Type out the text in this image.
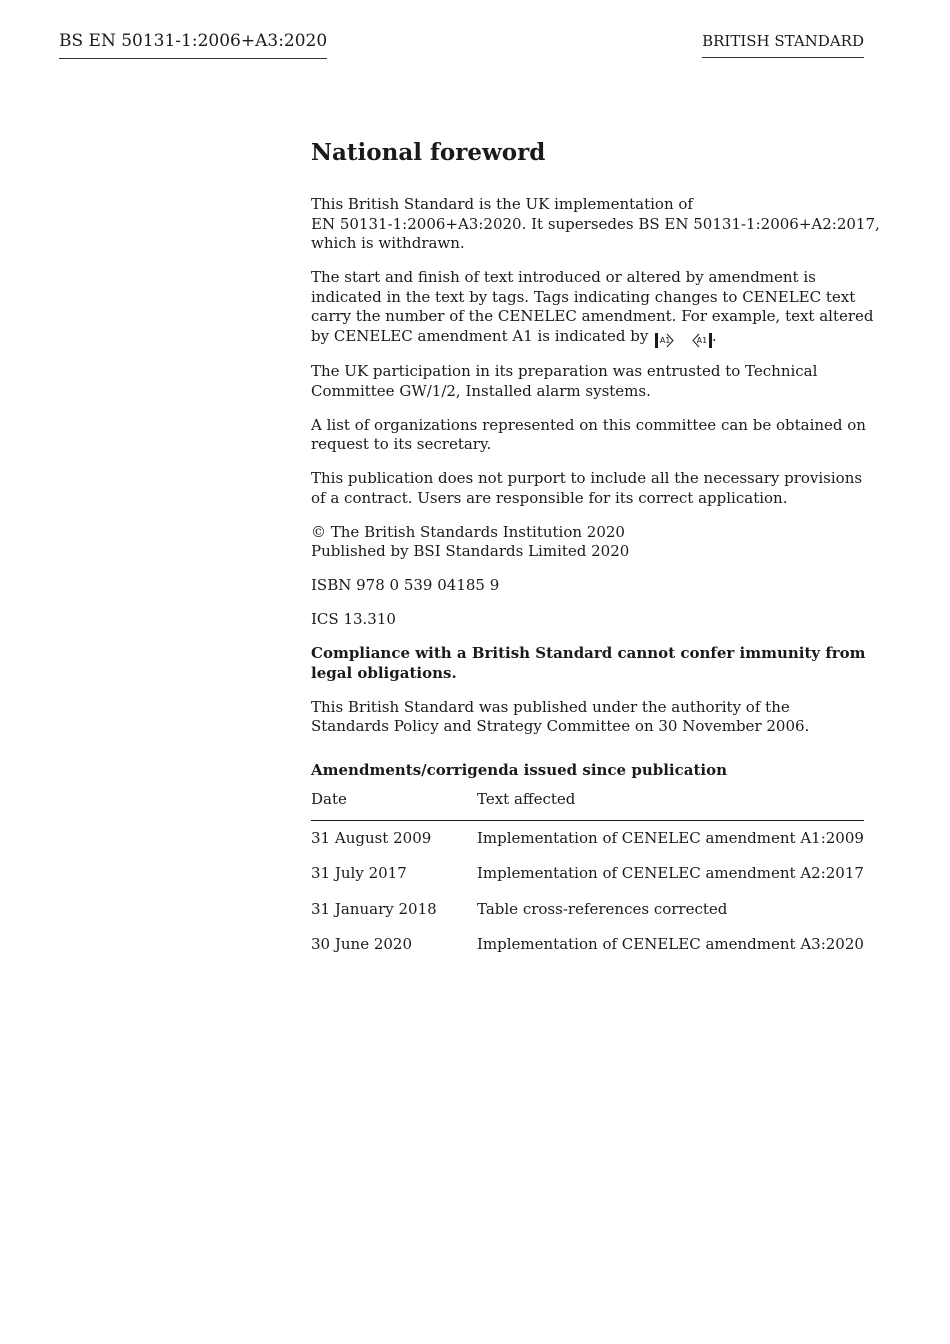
BS EN 50131-1:2006+A3:2020	BRITISH STANDARD
National foreword
This British Standard is the UK implementation of
EN 50131-1:2006+A3:2020. It supersedes BS EN 50131-1:2006+A2:2017,
which is withdrawn.
The start and finish of text introduced or altered by amendment is
indicated in the text by tags. Tags indicating changes to CENELEC text
carry the number of the CENELEC amendment. For example, text altered
by CENELEC amendment A1 is indicated by A1	A1 .
The UK participation in its preparation was entrusted to Technical
Committee GW/1/2, Installed alarm systems.
A list of organizations represented on this committee can be obtained on
request to its secretary.
This publication does not purport to include all the necessary provisions
of a contract. Users are responsible for its correct application.
© The British Standards Institution 2020
Published by BSI Standards Limited 2020
ISBN 978 0 539 04185 9
ICS 13.310
Compliance with a British Standard cannot confer immunity from
legal obligations.
This British Standard was published under the authority of the
Standards Policy and Strategy Committee on 30 November 2006.
Amendments/corrigenda issued since publication
Date	Text affected
31 August 2009	Implementation of CENELEC amendment A1:2009
31 July 2017	Implementation of CENELEC amendment A2:2017
31 January 2018	Table cross-references corrected
30 June 2020	Implementation of CENELEC amendment A3:2020
